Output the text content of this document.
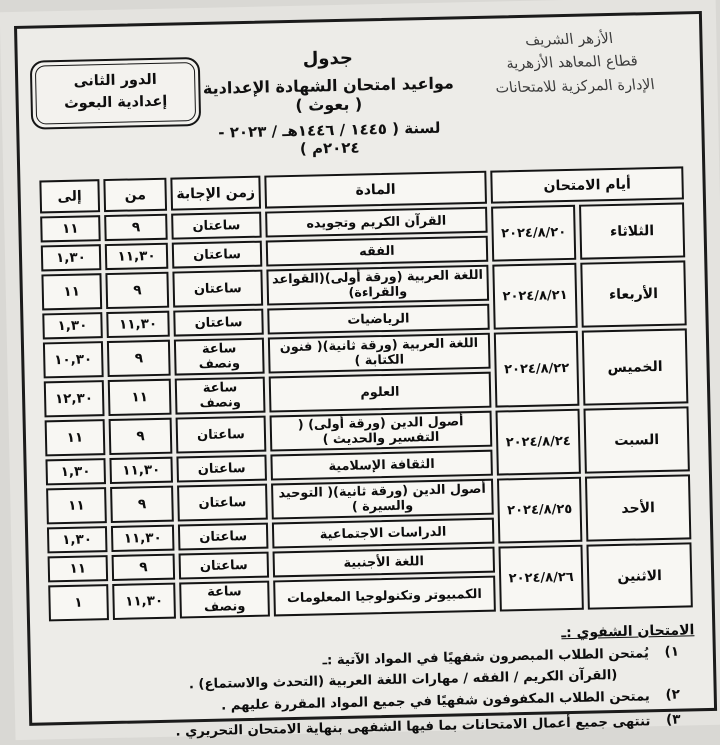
الأزهر الشريف
قطاع المعاهد الأزهرية
الإدارة المركزية للامتحانات
جدول
مواعيد امتحان الشهادة الإعدادية ( بعوث )
لسنة ( ١٤٤٥ / ١٤٤٦هـ / ٢٠٢٣ - ٢٠٢٤م )
الدور الثانى
إعدادية البعوث
أيام الامتحان		المادة	زمن الإجابة	من	إلى
الثلاثاء	٢٠٢٤/٨/٢٠	القرآن الكريم وتجويده	ساعتان	٩	١١
		الفقه	ساعتان	١١,٣٠	١,٣٠
الأربعاء	٢٠٢٤/٨/٢١	اللغة العربية (ورقة أولى)(القواعد والقراءة)	ساعتان	٩	١١
		الرياضيات	ساعتان	١١,٣٠	١,٣٠
الخميس	٢٠٢٤/٨/٢٢	اللغة العربية (ورقة ثانية)( فنون الكتابة )	ساعة ونصف	٩	١٠,٣٠
		العلوم	ساعة ونصف	١١	١٢,٣٠
السبت	٢٠٢٤/٨/٢٤	أصول الدين (ورقة أولى) ( التفسير والحديث )	ساعتان	٩	١١
		الثقافة الإسلامية	ساعتان	١١,٣٠	١,٣٠
الأحد	٢٠٢٤/٨/٢٥	أصول الدين (ورقة ثانية)( التوحيد والسيرة )	ساعتان	٩	١١
		الدراسات الاجتماعية	ساعتان	١١,٣٠	١,٣٠
الاثنين	٢٠٢٤/٨/٢٦	اللغة الأجنبية	ساعتان	٩	١١
		الكمبيوتر وتكنولوجيا المعلومات	ساعة ونصف	١١,٣٠	١
الامتحان الشفوي :ـ
١)
يُمتحن الطلاب المبصرون شفهيًا في المواد الآتية :ـ
(القرآن الكريم / الفقه / مهارات اللغة العربية (التحدث والاستماع) .
٢)
يمتحن الطلاب المكفوفون شفهيًا في جميع المواد المقررة عليهم .
٣)
تنتهى جميع أعمال الامتحانات بما فيها الشفهى بنهاية الامتحان التحريري .
